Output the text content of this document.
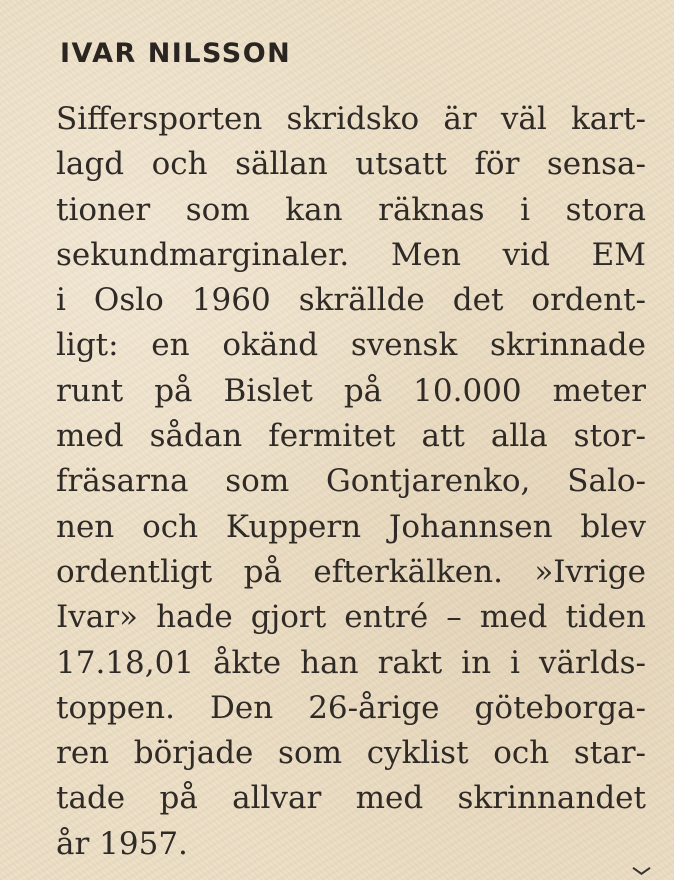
IVAR NILSSON
Siffersporten skridsko är väl kart-
lagd och sällan utsatt för sensa-
tioner som kan räknas i stora
sekundmarginaler. Men vid EM
i Oslo 1960 skrällde det ordent-
ligt: en okänd svensk skrinnade
runt på Bislet på 10.000 meter
med sådan fermitet att alla stor-
fräsarna som Gontjarenko, Salo-
nen och Kuppern Johannsen blev
ordentligt på efterkälken. »Ivrige
Ivar» hade gjort entré – med tiden
17.18,01 åkte han rakt in i världs-
toppen. Den 26-årige göteborga-
ren började som cyklist och star-
tade på allvar med skrinnandet
år 1957.
